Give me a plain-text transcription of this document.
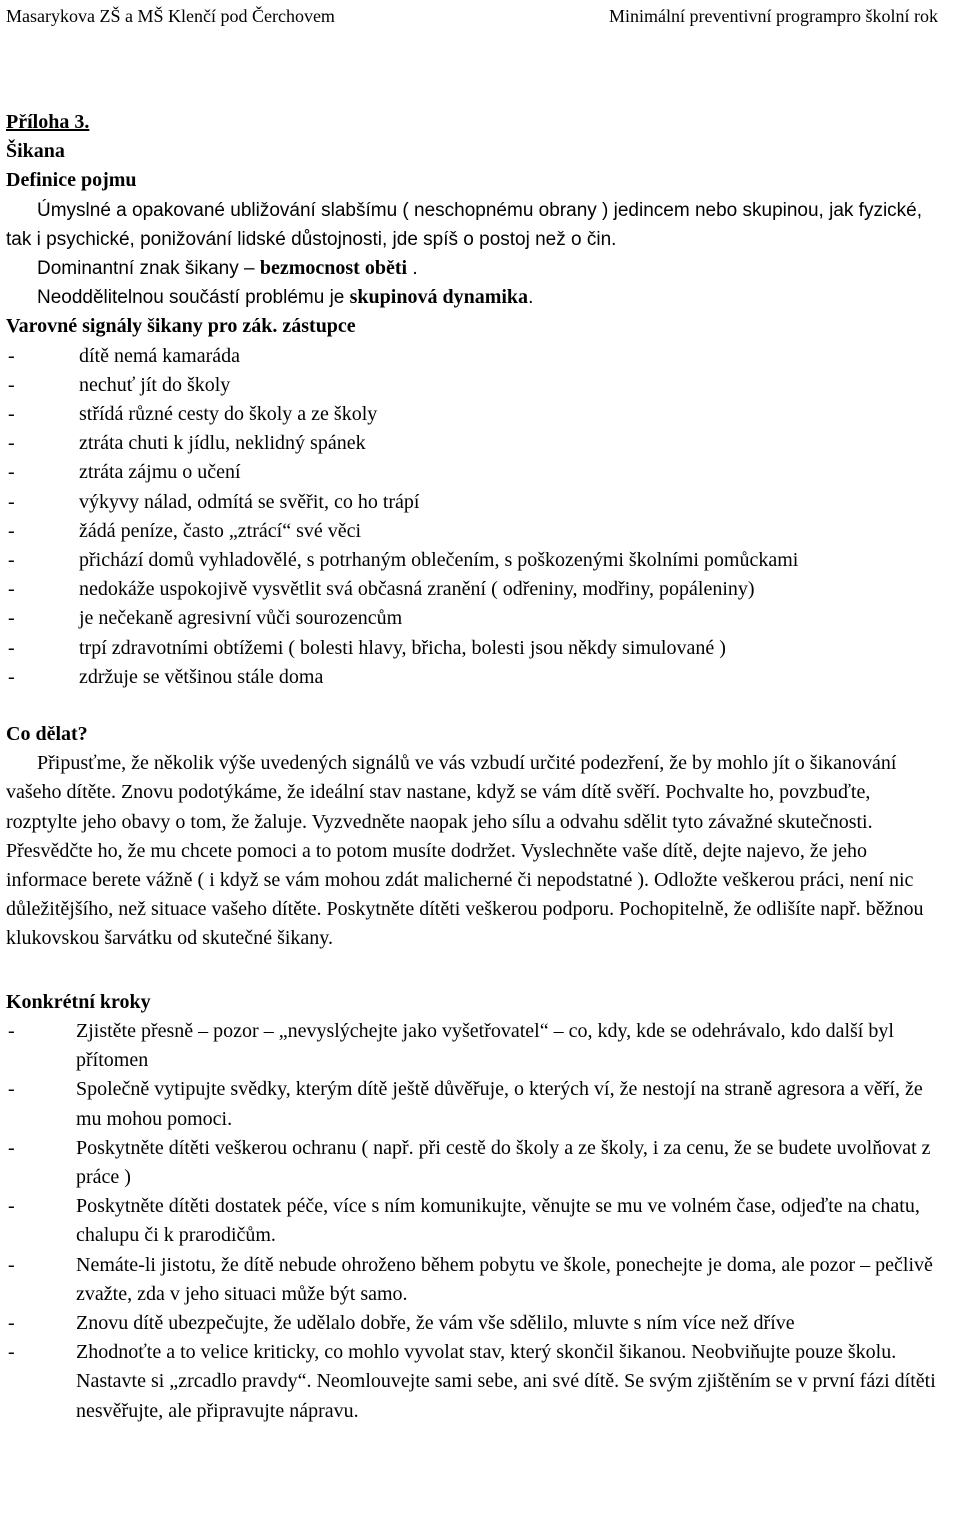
Masarykova ZŠ a MŠ Klenčí pod Čerchovem	Minimální preventivní programpro školní rok

Příloha 3.

Šikana

Definice pojmu

Úmyslné a opakované ubližování slabšímu ( neschopnému obrany ) jedincem nebo skupinou, jak fyzické, tak i psychické, ponižování lidské důstojnosti, jde spíš o postoj než o čin.

Dominantní znak šikany – bezmocnost oběti .

Neoddělitelnou součástí problému je skupinová dynamika.

Varovné signály šikany pro zák. zástupce

-	dítě nemá kamaráda
-	nechuť jít do školy
-	střídá různé cesty do školy a ze školy
-	ztráta chuti k jídlu, neklidný spánek
-	ztráta zájmu o učení
-	výkyvy nálad, odmítá se svěřit, co ho trápí
-	žádá peníze, často „ztrácí“ své věci
-	přichází domů vyhladovělé, s potrhaným oblečením, s poškozenými školními pomůckami
-	nedokáže uspokojivě vysvětlit svá občasná zranění ( odřeniny, modřiny, popáleniny)
-	je nečekaně agresivní vůči sourozencům
-	trpí zdravotními obtížemi ( bolesti hlavy, břicha, bolesti jsou někdy simulované )
-	zdržuje se většinou stále doma

Co dělat?

Připusťme, že několik výše uvedených signálů ve vás vzbudí určité podezření, že by mohlo jít o šikanování vašeho dítěte. Znovu podotýkáme, že ideální stav nastane, když se vám dítě svěří. Pochvalte ho, povzbuďte, rozptylte jeho obavy o tom, že žaluje. Vyzvedněte naopak jeho sílu a odvahu sdělit tyto závažné skutečnosti. Přesvědčte ho, že mu chcete pomoci a to potom musíte dodržet. Vyslechněte vaše dítě, dejte najevo, že jeho informace berete vážně ( i když se vám mohou zdát malicherné či nepodstatné ). Odložte veškerou práci, není nic důležitějšího, než situace vašeho dítěte. Poskytněte dítěti veškerou podporu. Pochopitelně, že odlišíte např. běžnou klukovskou šarvátku od skutečné šikany.

Konkrétní kroky

-	Zjistěte přesně – pozor – „nevyslýchejte jako vyšetřovatel“ – co, kdy, kde se odehrávalo, kdo další byl přítomen
-	Společně vytipujte svědky, kterým dítě ještě důvěřuje, o kterých ví, že nestojí na straně agresora a věří, že mu mohou pomoci.
-	Poskytněte dítěti veškerou ochranu ( např. při cestě do školy a ze školy, i za cenu, že se budete uvolňovat z práce )
-	Poskytněte dítěti dostatek péče, více s ním komunikujte, věnujte se mu ve volném čase, odjeďte na chatu, chalupu či k prarodičům.
-	Nemáte-li jistotu, že dítě nebude ohroženo během pobytu ve škole, ponechejte je doma, ale pozor – pečlivě zvažte, zda v jeho situaci může být samo.
-	Znovu dítě ubezpečujte, že udělalo dobře, že vám vše sdělilo, mluvte s ním více než dříve
-	Zhodnoťte a to velice kriticky, co mohlo vyvolat stav, který skončil šikanou. Neobviňujte pouze školu. Nastavte si „zrcadlo pravdy“. Neomlouvejte sami sebe, ani své dítě. Se svým zjištěním se v první fázi dítěti nesvěřujte, ale připravujte nápravu.
